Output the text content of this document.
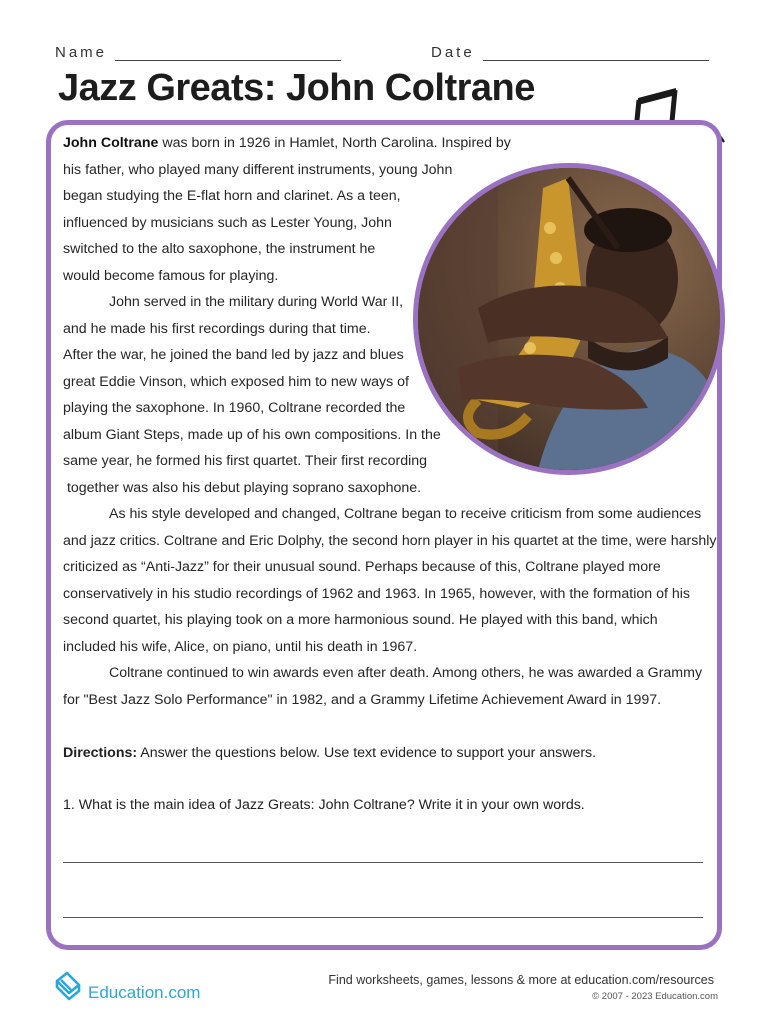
Name	Date
Jazz Greats: John Coltrane
John Coltrane was born in 1926 in Hamlet, North Carolina. Inspired by
his father, who played many different instruments, young John
began studying the E-flat horn and clarinet. As a teen,
influenced by musicians such as Lester Young, John
switched to the alto saxophone, the instrument he
would become famous for playing.
John served in the military during World War II,
and he made his first recordings during that time.
After the war, he joined the band led by jazz and blues
great Eddie Vinson, which exposed him to new ways of
playing the saxophone. In 1960, Coltrane recorded the
album Giant Steps, made up of his own compositions. In the
same year, he formed his first quartet. Their first recording
together was also his debut playing soprano saxophone.
As his style developed and changed, Coltrane began to receive criticism from some audiences
and jazz critics. Coltrane and Eric Dolphy, the second horn player in his quartet at the time, were harshly
criticized as “Anti-Jazz” for their unusual sound. Perhaps because of this, Coltrane played more
conservatively in his studio recordings of 1962 and 1963. In 1965, however, with the formation of his
second quartet, his playing took on a more harmonious sound. He played with this band, which
included his wife, Alice, on piano, until his death in 1967.
Coltrane continued to win awards even after death. Among others, he was awarded a Grammy
for "Best Jazz Solo Performance" in 1982, and a Grammy Lifetime Achievement Award in 1997.
Directions: Answer the questions below. Use text evidence to support your answers.
1. What is the main idea of Jazz Greats: John Coltrane? Write it in your own words.
Education.com
Find worksheets, games, lessons & more at education.com/resources
© 2007 - 2023 Education.com
